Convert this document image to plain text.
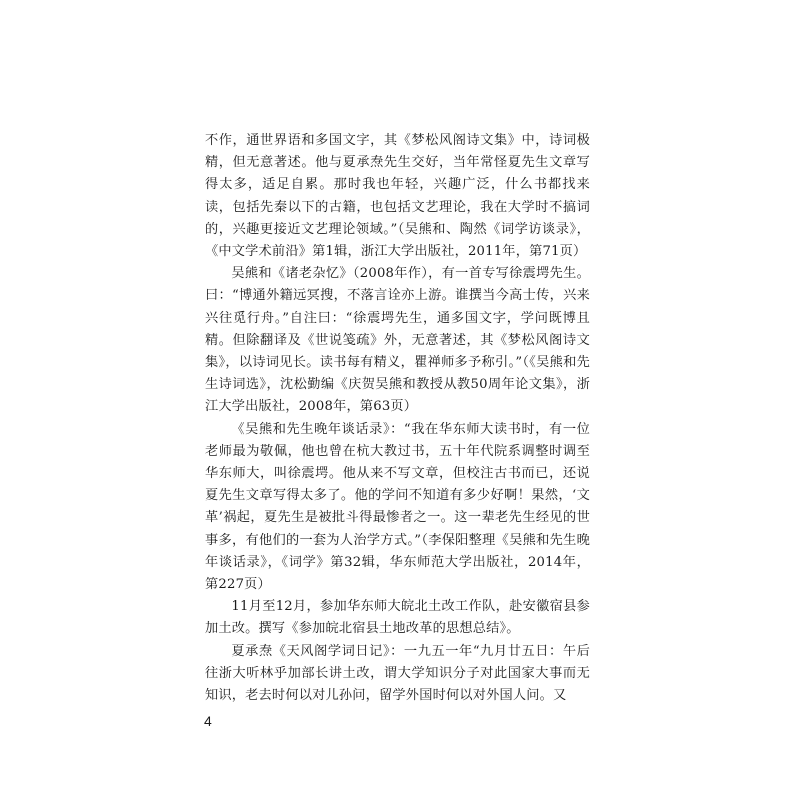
不作，通世界语和多国文字，其《梦松风阁诗文集》中，诗词极精，但无意著述。他与夏承焘先生交好，当年常怪夏先生文章写得太多，适足自累。那时我也年轻，兴趣广泛，什么书都找来读，包括先秦以下的古籍，也包括文艺理论，我在大学时不搞词的，兴趣更接近文艺理论领域。”（吴熊和、陶然《词学访谈录》，《中文学术前沿》第1辑，浙江大学出版社，2011年，第71页）

吴熊和《诸老杂忆》（2008年作），有一首专写徐震堮先生。曰：“博通外籍远冥搜，不落言诠亦上游。谁撰当今高士传，兴来兴往觅行舟。”自注曰：“徐震堮先生，通多国文字，学问既博且精。但除翻译及《世说笺疏》外，无意著述，其《梦松风阁诗文集》，以诗词见长。读书每有精义，瞿禅师多予称引。”（《吴熊和先生诗词选》，沈松勤编《庆贺吴熊和教授从教50周年论文集》，浙江大学出版社，2008年，第63页）

《吴熊和先生晚年谈话录》：“我在华东师大读书时，有一位老师最为敬佩，他也曾在杭大教过书，五十年代院系调整时调至华东师大，叫徐震堮。他从来不写文章，但校注古书而已，还说夏先生文章写得太多了。他的学问不知道有多少好啊！果然，‘文革’祸起，夏先生是被批斗得最惨者之一。这一辈老先生经见的世事多，有他们的一套为人治学方式。”（李保阳整理《吴熊和先生晚年谈话录》，《词学》第32辑，华东师范大学出版社，2014年，第227页）

11月至12月，参加华东师大皖北土改工作队，赴安徽宿县参加土改。撰写《参加皖北宿县土地改革的思想总结》。

夏承焘《天风阁学词日记》：一九五一年“九月廿五日：午后往浙大听林乎加部长讲土改，谓大学知识分子对此国家大事而无知识，老去时何以对儿孙问，留学外国时何以对外国人问。又

4
